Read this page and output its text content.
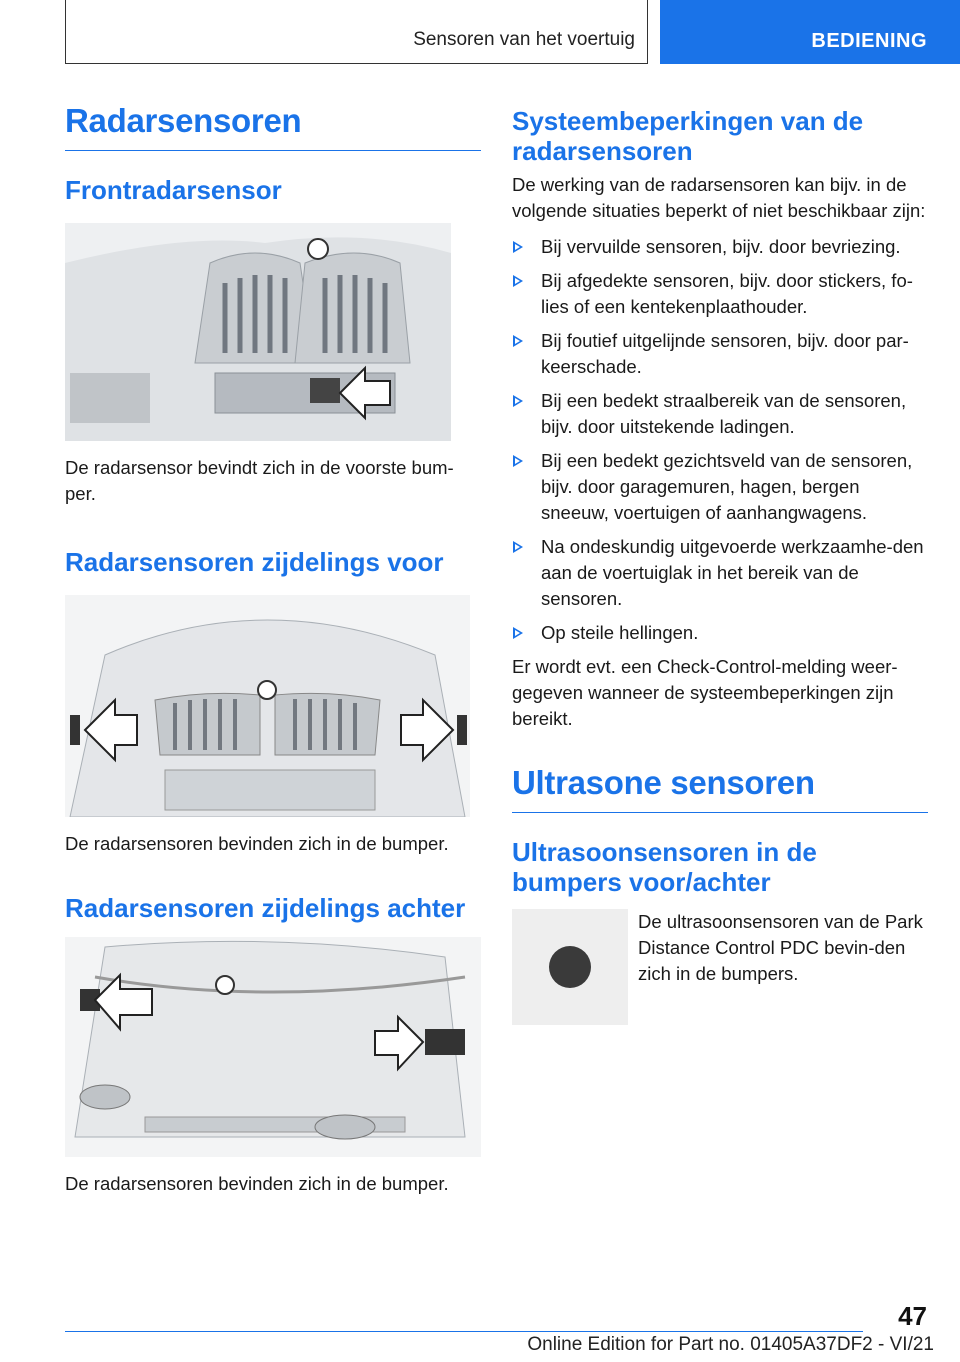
Sensoren van het voertuig	BEDIENING
Radarsensoren
Frontradarsensor

De radarsensor bevindt zich in de voorste bum-per.

Radarsensoren zijdelings voor

De radarsensoren bevinden zich in de bumper.

Radarsensoren zijdelings achter

De radarsensoren bevinden zich in de bumper.

Systeembeperkingen van de radarsensoren

De werking van de radarsensoren kan bijv. in de volgende situaties beperkt of niet beschikbaar zijn:

Bij vervuilde sensoren, bijv. door bevriezing.
Bij afgedekte sensoren, bijv. door stickers, fo-lies of een kentekenplaathouder.
Bij foutief uitgelijnde sensoren, bijv. door par-keerschade.
Bij een bedekt straalbereik van de sensoren, bijv. door uitstekende ladingen.
Bij een bedekt gezichtsveld van de sensoren, bijv. door garagemuren, hagen, bergen sneeuw, voertuigen of aanhangwagens.
Na ondeskundig uitgevoerde werkzaamhe-den aan de voertuiglak in het bereik van de sensoren.
Op steile hellingen.

Er wordt evt. een Check-Control-melding weer-gegeven wanneer de systeembeperkingen zijn bereikt.

Ultrasone sensoren
Ultrasoonsensoren in de bumpers voor/achter

De ultrasoonsensoren van de Park Distance Control PDC bevin-den zich in de bumpers.

47
Online Edition for Part no. 01405A37DF2 - VI/21
